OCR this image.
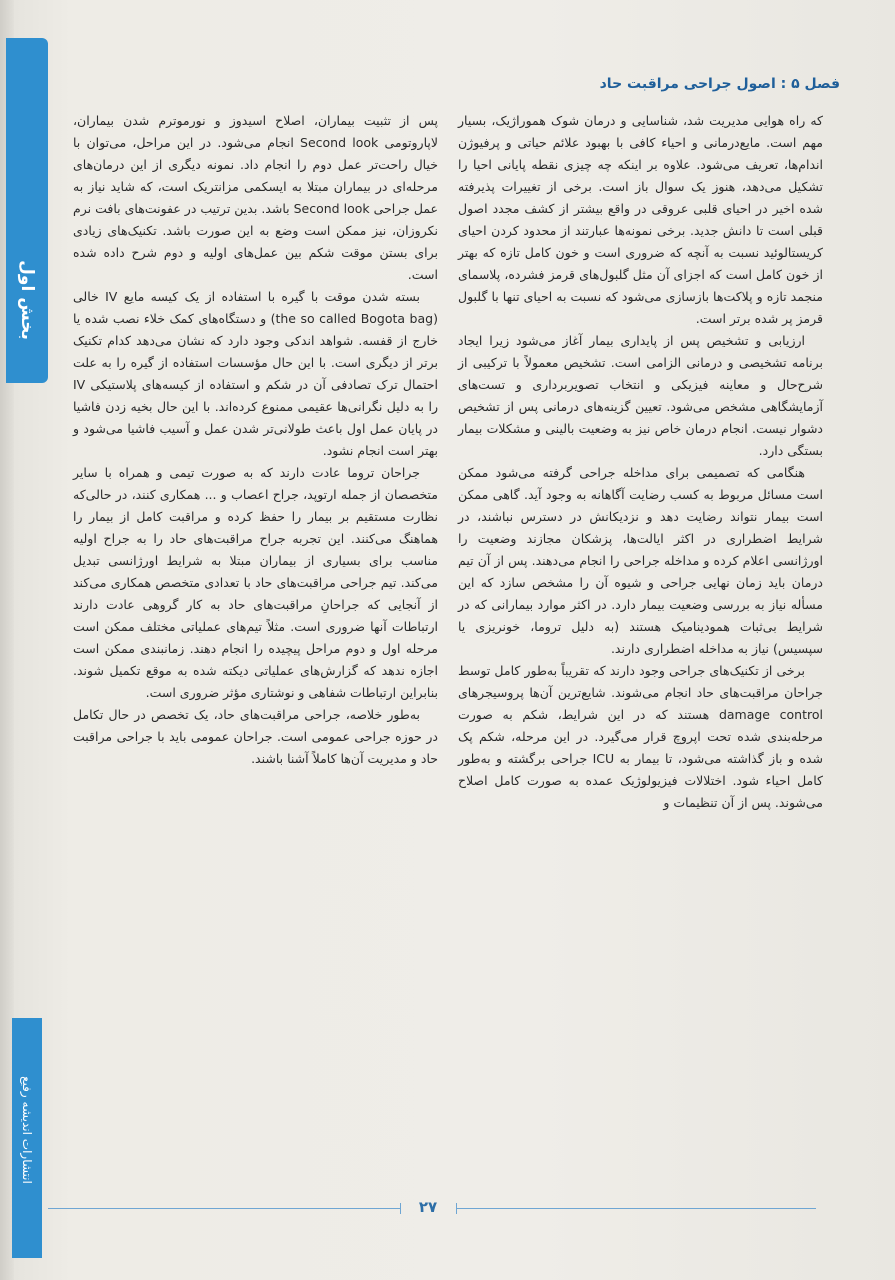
بخش اول
انتشارات اندیشه رفیع
فصل ۵ : اصول جراحی مراقبت حاد

که راه هوایی مدیریت شد، شناسایی و درمان شوک هموراژیک، بسیار مهم است. مایع‌درمانی و احیاء کافی با بهبود علائم حیاتی و پرفیوژن اندام‌ها، تعریف می‌شود. علاوه بر اینکه چه چیزی نقطه پایانی احیا را تشکیل می‌دهد، هنوز یک سوال باز است. برخی از تغییرات پذیرفته شده اخیر در احیای قلبی عروقی در واقع بیشتر از کشف مجدد اصول قبلی است تا دانش جدید. برخی نمونه‌ها عبارتند از محدود کردن احیای کریستالوئید نسبت به آنچه که ضروری است و خون کامل تازه که بهتر از خون کامل است که اجزای آن مثل گلبول‌های قرمز فشرده، پلاسمای منجمد تازه و پلاکت‌ها بازسازی می‌شود که نسبت به احیای تنها با گلبول قرمز پر شده برتر است.

ارزیابی و تشخیص پس از پایداری بیمار آغاز می‌شود زیرا ایجاد برنامه تشخیصی و درمانی الزامی است. تشخیص معمولاً با ترکیبی از شرح‌حال و معاینه فیزیکی و انتخاب تصویربرداری و تست‌های آزمایشگاهی مشخص می‌شود. تعیین گزینه‌های درمانی پس از تشخیص دشوار نیست. انجام درمان خاص نیز به وضعیت بالینی و مشکلات بیمار بستگی دارد.

هنگامی که تصمیمی برای مداخله جراحی گرفته می‌شود ممکن است مسائل مربوط به کسب رضایت آگاهانه به وجود آید. گاهی ممکن است بیمار نتواند رضایت دهد و نزدیکانش در دسترس نباشند، در شرایط اضطراری در اکثر ایالت‌ها، پزشکان مجازند وضعیت را اورژانسی اعلام کرده و مداخله جراحی را انجام می‌دهند. پس از آن تیم درمان باید زمان نهایی جراحی و شیوه آن را مشخص سازد که این مسأله نیاز به بررسی وضعیت بیمار دارد. در اکثر موارد بیمارانی که در شرایط بی‌ثبات همودینامیک هستند (به دلیل تروما، خونریزی یا سپسیس) نیاز به مداخله اضطراری دارند.

برخی از تکنیک‌های جراحی وجود دارند که تقریباً به‌طور کامل توسط جراحان مراقبت‌های حاد انجام می‌شوند. شایع‌ترین آن‌ها پروسیجرهای damage control هستند که در این شرایط، شکم به صورت مرحله‌بندی شده تحت اپروچ قرار می‌گیرد. در این مرحله، شکم پک شده و باز گذاشته می‌شود، تا بیمار به ICU جراحی برگشته و به‌طور کامل احیاء شود. اختلالات فیزیولوژیک عمده به صورت کامل اصلاح می‌شوند. پس از آن تنظیمات و

پس از تثبیت بیماران، اصلاح اسیدوز و نورموترم شدن بیماران، لاپاروتومی Second look انجام می‌شود. در این مراحل، می‌توان با خیال راحت‌تر عمل دوم را انجام داد. نمونه دیگری از این درمان‌های مرحله‌ای در بیماران مبتلا به ایسکمی مزانتریک است، که شاید نیاز به عمل جراحی Second look باشد. بدین ترتیب در عفونت‌های بافت نرم نکروزان، نیز ممکن است وضع به این صورت باشد. تکنیک‌های زیادی برای بستن موقت شکم بین عمل‌های اولیه و دوم شرح داده شده است.

بسته شدن موقت با گیره با استفاده از یک کیسه مایع IV خالی (the so called Bogota bag) و دستگاه‌های کمک خلاء نصب شده یا خارج از قفسه. شواهد اندکی وجود دارد که نشان می‌دهد کدام تکنیک برتر از دیگری است. با این حال مؤسسات استفاده از گیره را به علت احتمال ترک تصادفی آن در شکم و استفاده از کیسه‌های پلاستیکی IV را به دلیل نگرانی‌ها عقیمی ممنوع کرده‌اند. با این حال بخیه زدن فاشیا در پایان عمل اول باعث طولانی‌تر شدن عمل و آسیب فاشیا می‌شود و بهتر است انجام نشود.

جراحان تروما عادت دارند که به صورت تیمی و همراه با سایر متخصصان از جمله ارتوپد، جراح اعصاب و ... همکاری کنند، در حالی‌که نظارت مستقیم بر بیمار را حفظ کرده و مراقبت کامل از بیمار را هماهنگ می‌کنند. این تجربه جراح مراقبت‌های حاد را به جراح اولیه مناسب برای بسیاری از بیماران مبتلا به شرایط اورژانسی تبدیل می‌کند. تیم جراحی مراقبت‌های حاد با تعدادی متخصص همکاری می‌کند از آنجایی که جراحانِ مراقبت‌های حاد به کار گروهی عادت دارند ارتباطات آنها ضروری است. مثلاً تیم‌های عملیاتی مختلف ممکن است مرحله اول و دوم مراحل پیچیده را انجام دهند. زمانبندی ممکن است اجازه ندهد که گزارش‌های عملیاتی دیکته شده به موقع تکمیل شوند. بنابراین ارتباطات شفاهی و نوشتاری مؤثر ضروری است.

به‌طور خلاصه، جراحی مراقبت‌های حاد، یک تخصص در حال تکامل در حوزه جراحی عمومی است. جراحان عمومی باید با جراحی مراقبت حاد و مدیریت آن‌ها کاملاً آشنا باشند.

۲۷
